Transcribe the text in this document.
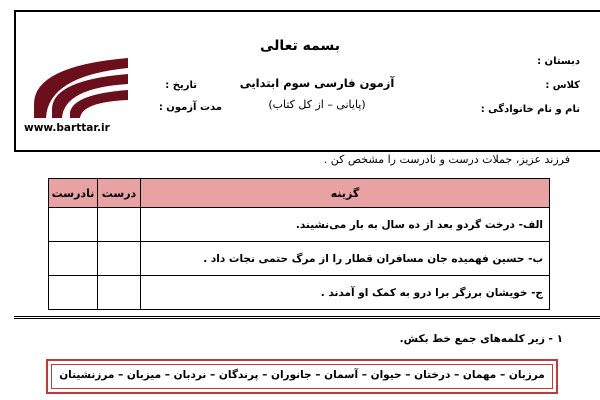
بسمه تعالی
آزمون فارسی سوم ابتدایی
(پایانی – از کل کتاب)
دبستان :
کلاس :
نام و نام خانوادگی :
تاریخ :
مدت آزمون :
www.barttar.ir
فرزند عزیز، جملات درست و نادرست را مشخص کن .
نادرست	درست	گزینه
		الف- درخت گردو بعد از ده سال به بار می‌نشیند.
		ب- حسین فهمیده جان مسافران قطار را از مرگ حتمی نجات داد .
		ج- خویشان برزگر برا درو به کمک او آمدند .
۱ - زیر کلمه‌های جمع خط بکش.
مرزبان – مهمان – درختان – حیوان – آسمان – جانوران – پرندگان – نردبان – میزبان – مرزنشینان
